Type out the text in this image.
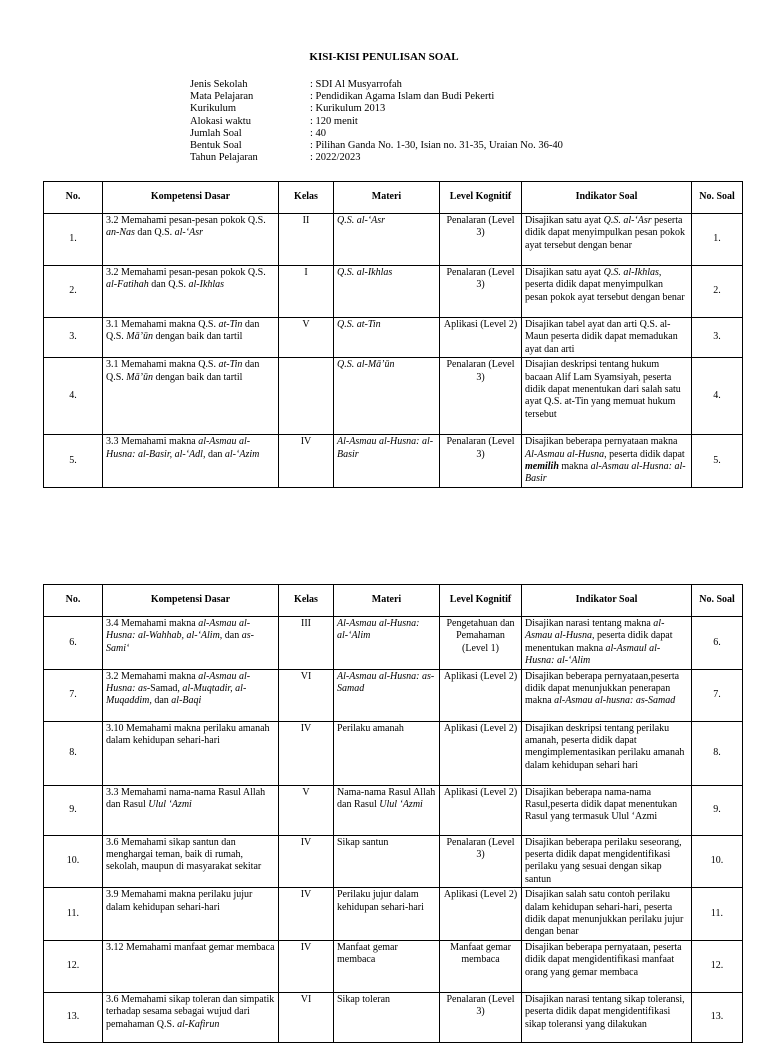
KISI-KISI PENULISAN SOAL
Jenis Sekolah	: SDI Al Musyarrofah
Mata Pelajaran	: Pendidikan Agama Islam dan Budi Pekerti
Kurikulum	: Kurikulum 2013
Alokasi waktu	: 120 menit
Jumlah Soal	: 40
Bentuk Soal	: Pilihan Ganda No. 1-30, Isian no. 31-35, Uraian No. 36-40
Tahun Pelajaran	: 2022/2023
No.	Kompetensi Dasar	Kelas	Materi	Level Kognitif	Indikator Soal	No. Soal
1.	3.2 Memahami pesan-pesan pokok Q.S. an-Nas dan Q.S. al-‘Asr	II	Q.S. al-‘Asr	Penalaran (Level 3)	Disajikan satu ayat Q.S. al-‘Asr peserta didik dapat menyimpulkan pesan pokok ayat tersebut dengan benar	1.
2.	3.2 Memahami pesan-pesan pokok Q.S. al-Fatihah dan Q.S. al-Ikhlas	I	Q.S. al-Ikhlas	Penalaran (Level 3)	Disajikan satu ayat Q.S. al-Ikhlas, peserta didik dapat menyimpulkan pesan pokok ayat tersebut dengan benar	2.
3.	3.1 Memahami makna Q.S. at-Tin dan Q.S. Mā’ūn dengan baik dan tartil	V	Q.S. at-Tin	Aplikasi (Level 2)	Disajikan tabel ayat dan arti Q.S. al-Maun peserta didik dapat memadukan ayat dan arti	3.
4.	3.1 Memahami makna Q.S. at-Tin dan Q.S. Mā’ūn dengan baik dan tartil		Q.S. al-Mā’ūn	Penalaran (Level 3)	Disajian deskripsi tentang hukum bacaan Alif Lam Syamsiyah, peserta didik dapat menentukan dari salah satu ayat Q.S. at-Tin yang memuat hukum tersebut	4.
5.	3.3 Memahami makna al-Asmau al-Husna: al-Basir, al-‘Adl, dan al-‘Azim	IV	Al-Asmau al-Husna: al-Basir	Penalaran (Level 3)	Disajikan beberapa pernyataan makna Al-Asmau al-Husna, peserta didik dapat memilih makna al-Asmau al-Husna: al-Basir	5.
No.	Kompetensi Dasar	Kelas	Materi	Level Kognitif	Indikator Soal	No. Soal
6.	3.4 Memahami makna al-Asmau al-Husna: al-Wahhab, al-‘Alim, dan as-Sami‘	III	Al-Asmau al-Husna: al-‘Alim	Pengetahuan dan Pemahaman (Level 1)	Disajikan narasi tentang makna al-Asmau al-Husna, peserta didik dapat menentukan makna al-Asmaul al-Husna: al-‘Alim	6.
7.	3.2 Memahami makna al-Asmau al-Husna: as-Samad, al-Muqtadir, al-Muqaddim, dan al-Baqi	VI	Al-Asmau al-Husna: as-Samad	Aplikasi (Level 2)	Disajikan beberapa pernyataan,peserta didik dapat menunjukkan penerapan makna al-Asmau al-husna: as-Samad	7.
8.	3.10 Memahami makna perilaku amanah dalam kehidupan sehari-hari	IV	Perilaku amanah	Aplikasi (Level 2)	Disajikan deskripsi tentang perilaku amanah, peserta didik dapat mengimplementasikan perilaku amanah dalam kehidupan sehari hari	8.
9.	3.3 Memahami nama-nama Rasul Allah dan Rasul Ulul ‘Azmi	V	Nama-nama Rasul Allah dan Rasul Ulul ‘Azmi	Aplikasi (Level 2)	Disajikan beberapa nama-nama Rasul,peserta didik dapat menentukan Rasul yang termasuk Ulul ‘Azmi	9.
10.	3.6 Memahami sikap santun dan menghargai teman, baik di rumah, sekolah, maupun di masyarakat sekitar	IV	Sikap santun	Penalaran (Level 3)	Disajikan beberapa perilaku seseorang, peserta didik dapat mengidentifikasi perilaku yang sesuai dengan sikap santun	10.
11.	3.9 Memahami makna perilaku jujur dalam kehidupan sehari-hari	IV	Perilaku jujur dalam kehidupan sehari-hari	Aplikasi (Level 2)	Disajikan salah satu contoh perilaku dalam kehidupan sehari-hari, peserta didik dapat menunjukkan perilaku jujur dengan benar	11.
12.	3.12 Memahami manfaat gemar membaca	IV	Manfaat gemar membaca	Manfaat gemar membaca	Disajikan beberapa pernyataan, peserta didik dapat mengidentifikasi manfaat orang yang gemar membaca	12.
13.	3.6 Memahami sikap toleran dan simpatik terhadap sesama sebagai wujud dari pemahaman Q.S. al-Kafirun	VI	Sikap toleran	Penalaran (Level 3)	Disajikan narasi tentang sikap toleransi, peserta didik dapat mengidentifikasi sikap toleransi yang dilakukan	13.
